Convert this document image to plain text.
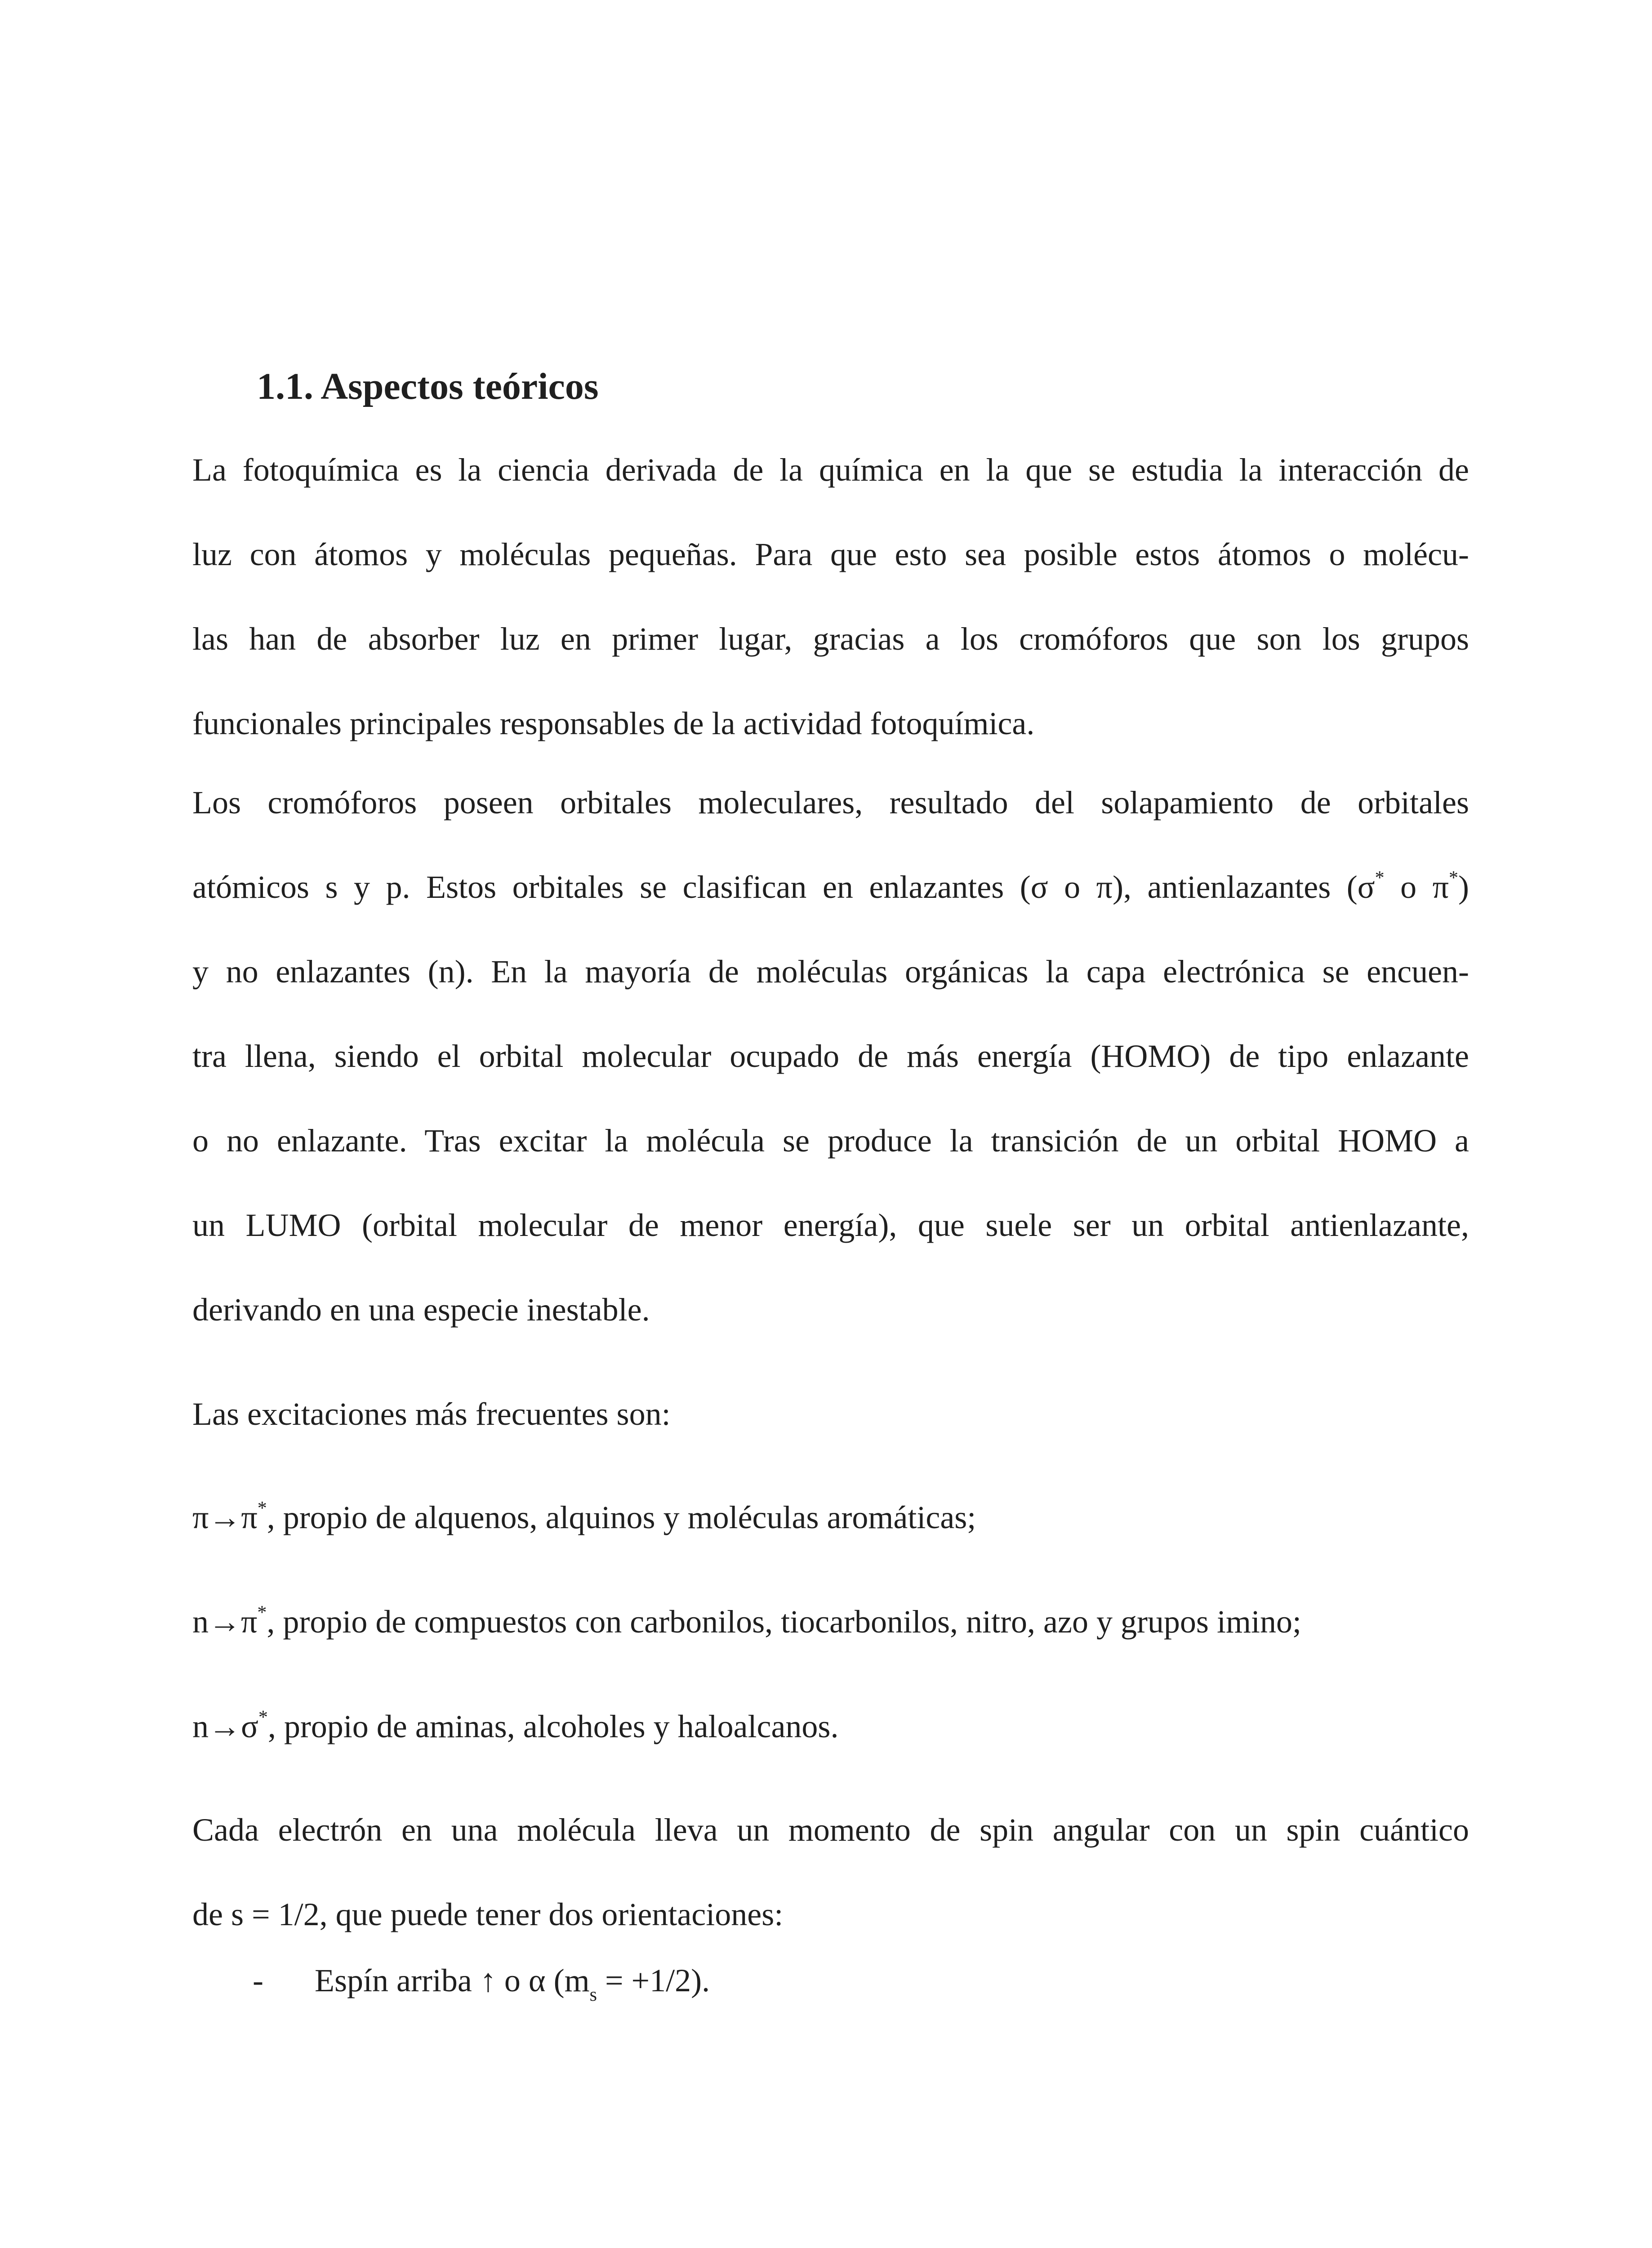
1.1. Aspectos teóricos
La fotoquímica es la ciencia derivada de la química en la que se estudia la interacción de
luz con átomos y moléculas pequeñas. Para que esto sea posible estos átomos o molécu-
las han de absorber luz en primer lugar, gracias a los cromóforos que son los grupos
funcionales principales responsables de la actividad fotoquímica.
Los cromóforos poseen orbitales moleculares, resultado del solapamiento de orbitales
atómicos s y p. Estos orbitales se clasifican en enlazantes (σ o π), antienlazantes (σ* o π*)
y no enlazantes (n). En la mayoría de moléculas orgánicas la capa electrónica se encuen-
tra llena, siendo el orbital molecular ocupado de más energía (HOMO) de tipo enlazante
o no enlazante. Tras excitar la molécula se produce la transición de un orbital HOMO a
un LUMO (orbital molecular de menor energía), que suele ser un orbital antienlazante,
derivando en una especie inestable.
Las excitaciones más frecuentes son:
π→π*, propio de alquenos, alquinos y moléculas aromáticas;
n→π*, propio de compuestos con carbonilos, tiocarbonilos, nitro, azo y grupos imino;
n→σ*, propio de aminas, alcoholes y haloalcanos.
Cada electrón en una molécula lleva un momento de spin angular con un spin cuántico
de s = 1/2, que puede tener dos orientaciones:
- Espín arriba ↑ o α $(m_s = +1/2)$.
